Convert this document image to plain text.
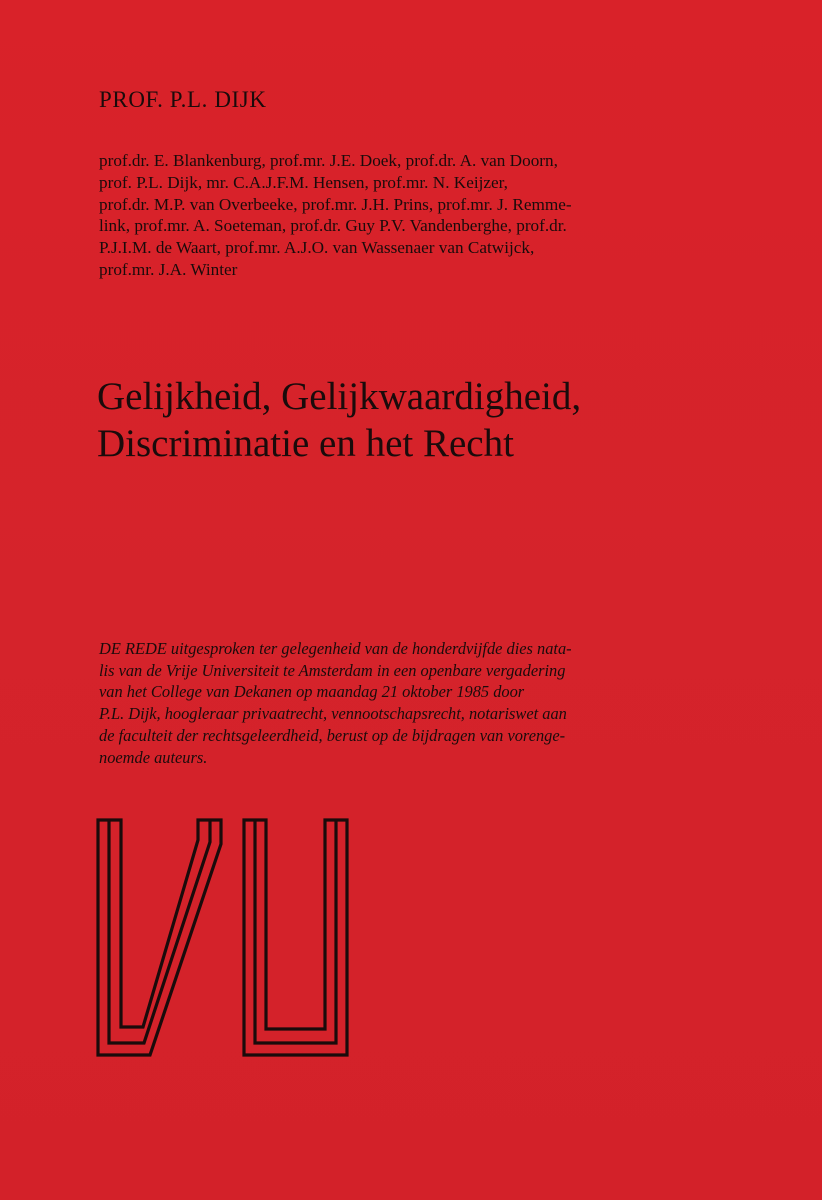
PROF. P.L. DIJK
prof.dr. E. Blankenburg, prof.mr. J.E. Doek, prof.dr. A. van Doorn,
prof. P.L. Dijk, mr. C.A.J.F.M. Hensen, prof.mr. N. Keijzer,
prof.dr. M.P. van Overbeeke, prof.mr. J.H. Prins, prof.mr. J. Remme-
link, prof.mr. A. Soeteman, prof.dr. Guy P.V. Vandenberghe, prof.dr.
P.J.I.M. de Waart, prof.mr. A.J.O. van Wassenaer van Catwijck,
prof.mr. J.A. Winter
Gelijkheid, Gelijkwaardigheid,
Discriminatie en het Recht
DE REDE uitgesproken ter gelegenheid van de honderdvijfde dies nata-
lis van de Vrije Universiteit te Amsterdam in een openbare vergadering
van het College van Dekanen op maandag 21 oktober 1985 door
P.L. Dijk, hoogleraar privaatrecht, vennootschapsrecht, notariswet aan
de faculteit der rechtsgeleerdheid, berust op de bijdragen van vorenge-
noemde auteurs.
